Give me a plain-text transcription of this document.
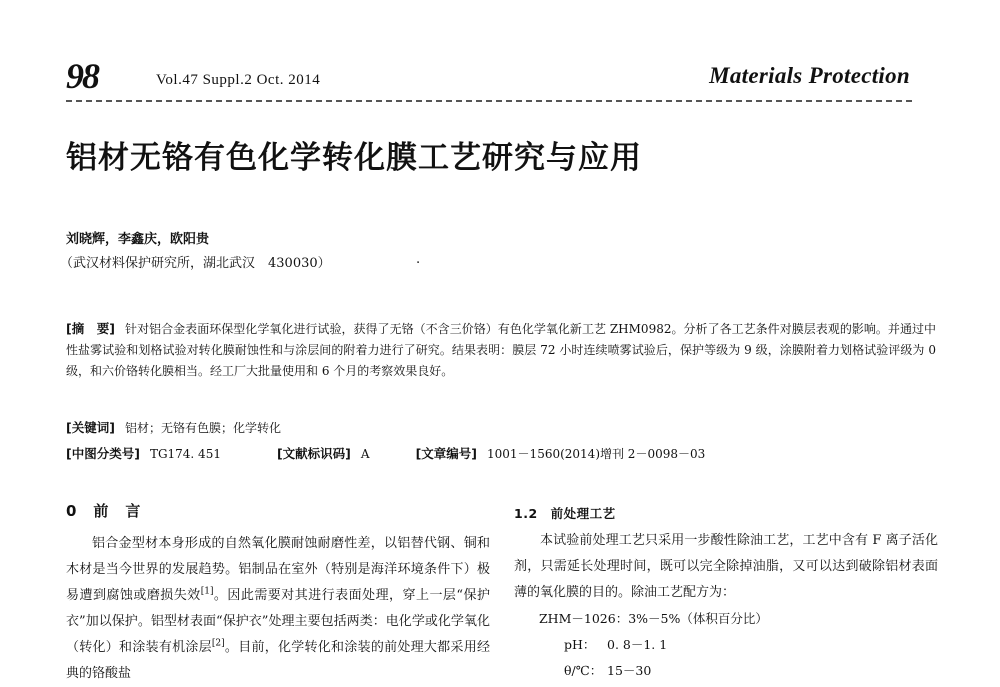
98	Vol.47 Suppl.2 Oct. 2014	Materials Protection
铝材无铬有色化学转化膜工艺研究与应用
刘晓辉，李鑫庆，欧阳贵
（武汉材料保护研究所，湖北武汉　430030）	.
[摘　要] 针对铝合金表面环保型化学氧化进行试验，获得了无铬（不含三价铬）有色化学氧化新工艺 ZHM0982。分析了各工艺条件对膜层表观的影响。并通过中性盐雾试验和划格试验对转化膜耐蚀性和与涂层间的附着力进行了研究。结果表明：膜层 72 小时连续喷雾试验后，保护等级为 9 级，涂膜附着力划格试验评级为 0 级，和六价铬转化膜相当。经工厂大批量使用和 6 个月的考察效果良好。
[关键词] 铝材；无铬有色膜；化学转化
[中图分类号] TG174. 451	[文献标识码] A	[文章编号] 1001－1560(2014)增刊 2－0098－03
0　前　言
铝合金型材本身形成的自然氧化膜耐蚀耐磨性差，以铝替代钢、铜和木材是当今世界的发展趋势。铝制品在室外（特别是海洋环境条件下）极易遭到腐蚀或磨损失效[1]。因此需要对其进行表面处理，穿上一层“保护衣”加以保护。铝型材表面“保护衣”处理主要包括两类：电化学或化学氧化（转化）和涂装有机涂层[2]。目前，化学转化和涂装的前处理大都采用经典的铬酸盐
1.2　前处理工艺
本试验前处理工艺只采用一步酸性除油工艺，工艺中含有 F 离子活化剂，只需延长处理时间，既可以完全除掉油脂，又可以达到破除铝材表面薄的氧化膜的目的。除油工艺配方为：
ZHM－1026：3%－5%（体积百分比）
pH： 0. 8－1. 1
θ/℃： 15－30
